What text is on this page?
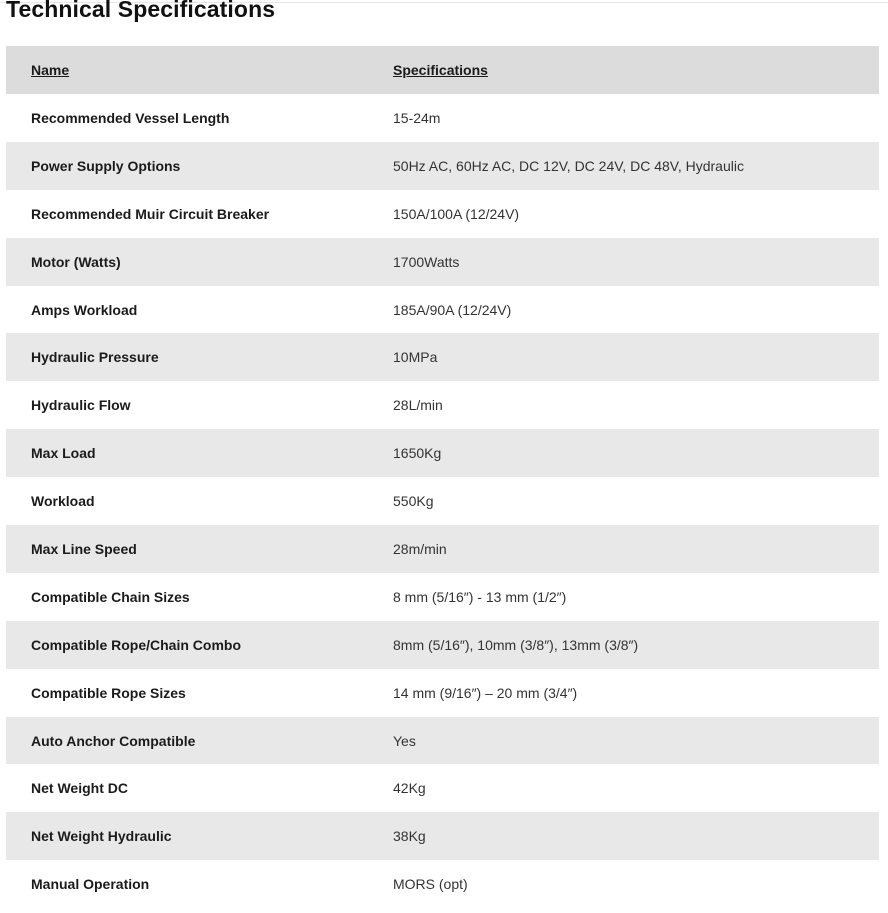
Technical Specifications
Name	Specifications
Recommended Vessel Length	15-24m
Power Supply Options	50Hz AC, 60Hz AC, DC 12V, DC 24V, DC 48V, Hydraulic
Recommended Muir Circuit Breaker	150A/100A (12/24V)
Motor (Watts)	1700Watts
Amps Workload	185A/90A (12/24V)
Hydraulic Pressure	10MPa
Hydraulic Flow	28L/min
Max Load	1650Kg
Workload	550Kg
Max Line Speed	28m/min
Compatible Chain Sizes	8 mm (5/16″) - 13 mm (1/2″)
Compatible Rope/Chain Combo	8mm (5/16″), 10mm (3/8″), 13mm (3/8″)
Compatible Rope Sizes	14 mm (9/16″) – 20 mm (3/4″)
Auto Anchor Compatible	Yes
Net Weight DC	42Kg
Net Weight Hydraulic	38Kg
Manual Operation	MORS (opt)
